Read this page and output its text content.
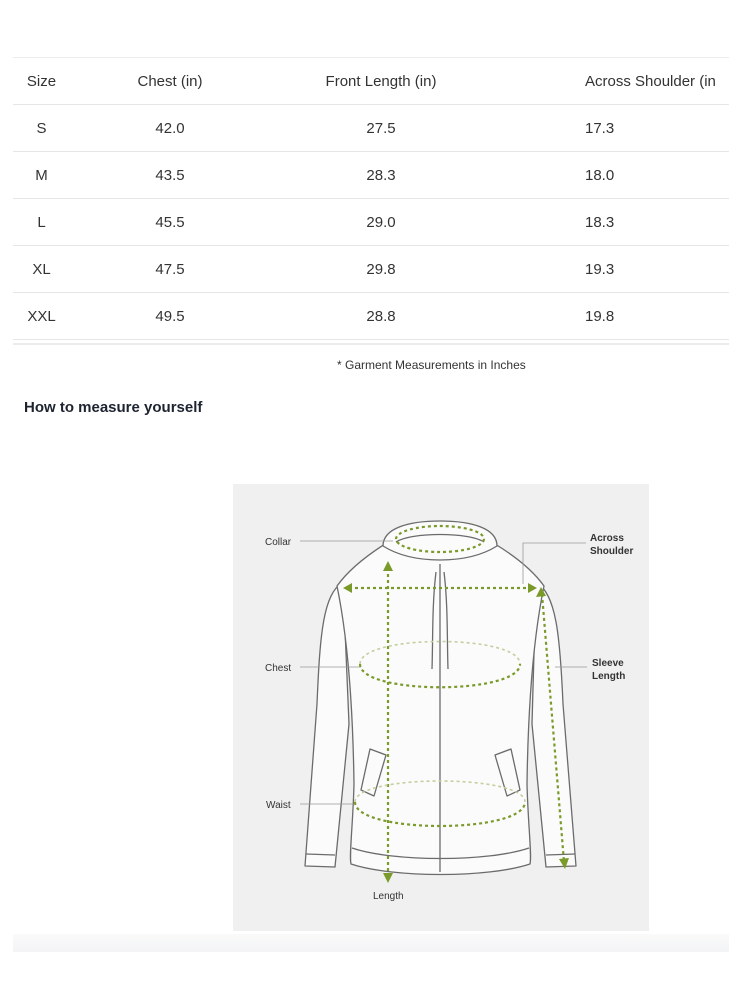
Size	Chest (in)	Front Length (in)	Across Shoulder (in
S	42.0	27.5	17.3
M	43.5	28.3	18.0
L	45.5	29.0	18.3
XL	47.5	29.8	19.3
XXL	49.5	28.8	19.8
* Garment Measurements in Inches
How to measure yourself
Collar	Across
Shoulder
Chest	Sleeve
Length
Waist
Length
